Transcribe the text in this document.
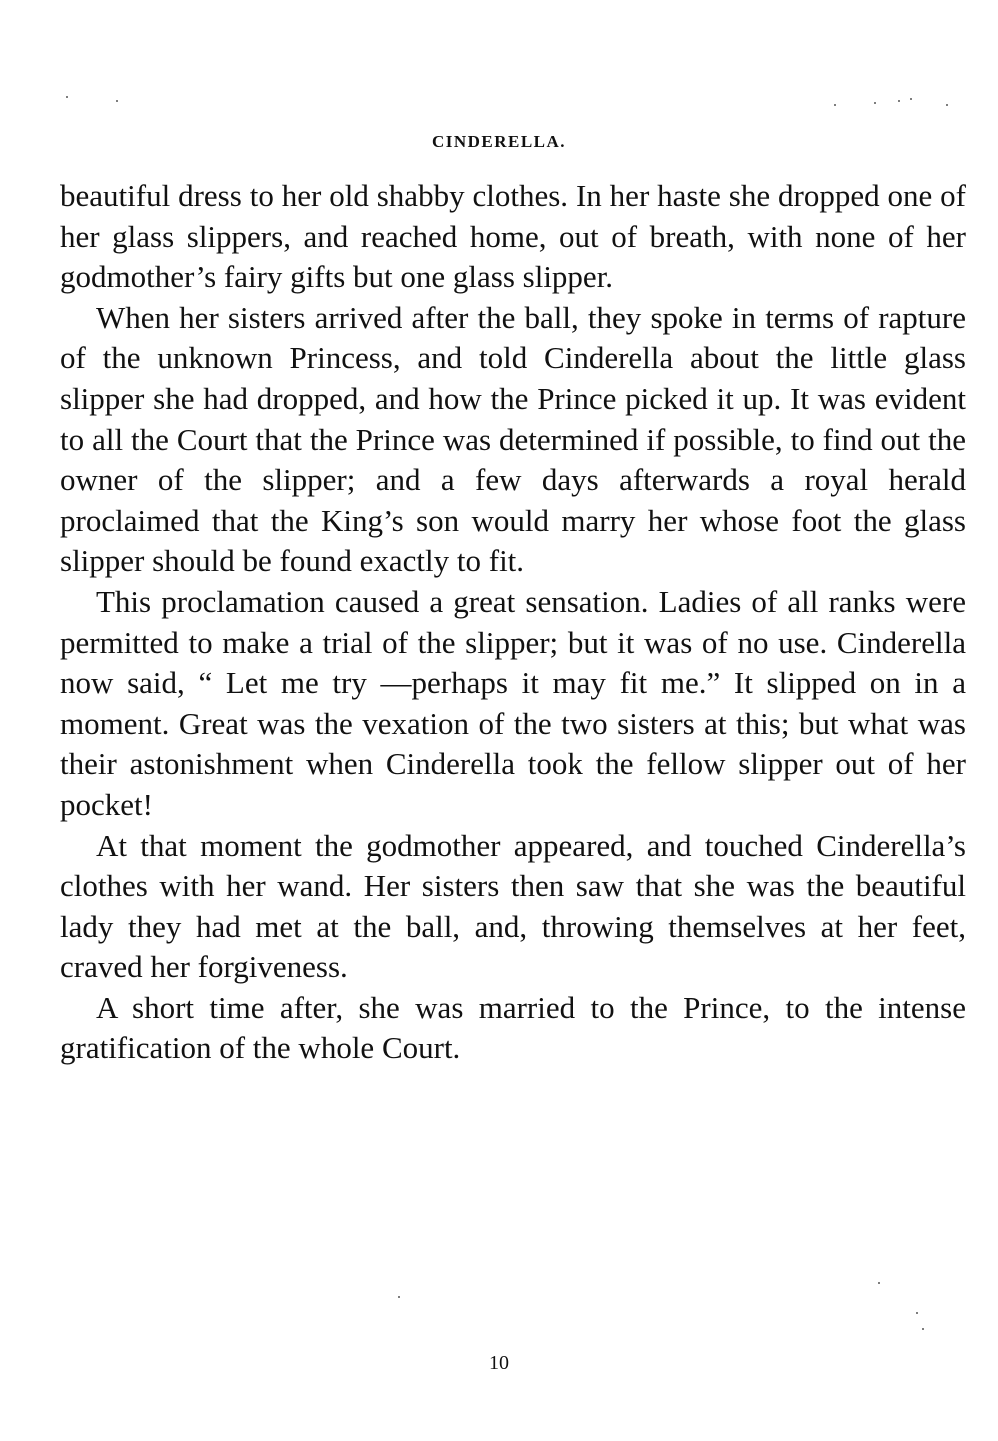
CINDERELLA.

beautiful dress to her old shabby clothes. In her haste she dropped one of her glass slippers, and reached home, out of breath, with none of her godmother’s fairy gifts but one glass slipper.

When her sisters arrived after the ball, they spoke in terms of rapture of the unknown Princess, and told Cinderella about the little glass slipper she had dropped, and how the Prince picked it up. It was evident to all the Court that the Prince was determined if possible, to find out the owner of the slipper; and a few days afterwards a royal herald proclaimed that the King’s son would marry her whose foot the glass slipper should be found exactly to fit.

This proclamation caused a great sensation. Ladies of all ranks were permitted to make a trial of the slipper; but it was of no use. Cinderella now said, “ Let me try —perhaps it may fit me.” It slipped on in a moment. Great was the vexation of the two sisters at this; but what was their astonishment when Cinderella took the fellow slipper out of her pocket!

At that moment the godmother appeared, and touched Cinderella’s clothes with her wand. Her sisters then saw that she was the beautiful lady they had met at the ball, and, throwing themselves at her feet, craved her forgiveness.

A short time after, she was married to the Prince, to the intense gratification of the whole Court.

10
